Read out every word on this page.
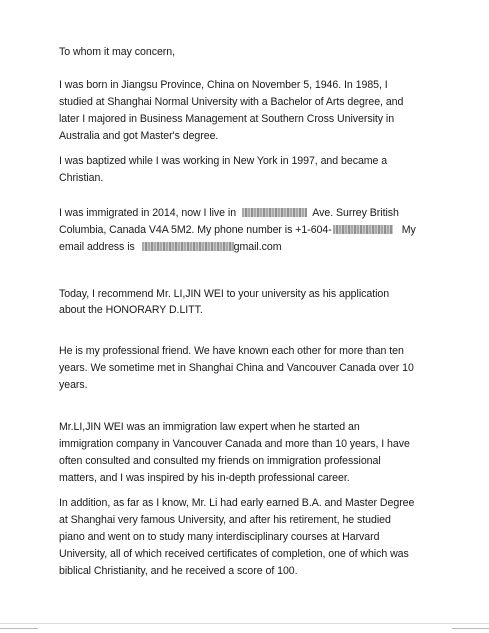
To whom it may concern,
I was born in Jiangsu Province, China on November 5, 1946. In 1985, I
studied at Shanghai Normal University with a Bachelor of Arts degree, and
later I majored in Business Management at Southern Cross University in
Australia and got Master's degree.
I was baptized while I was working in New York in 1997, and became a
Christian.
I was immigrated in 2014, now I live in	Ave. Surrey British
Columbia, Canada V4A 5M2. My phone number is +1-604-	My
email address is	gmail.com
Today, I recommend Mr. LI,JIN WEI to your university as his application
about the HONORARY D.LITT.
He is my professional friend. We have known each other for more than ten
years. We sometime met in Shanghai China and Vancouver Canada over 10
years.
Mr.LI,JIN WEI was an immigration law expert when he started an
immigration company in Vancouver Canada and more than 10 years, I have
often consulted and consulted my friends on immigration professional
matters, and I was inspired by his in-depth professional career.
In addition, as far as I know, Mr. Li had early earned B.A. and Master Degree
at Shanghai very famous University, and after his retirement, he studied
piano and went on to study many interdisciplinary courses at Harvard
University, all of which received certificates of completion, one of which was
biblical Christianity, and he received a score of 100.
